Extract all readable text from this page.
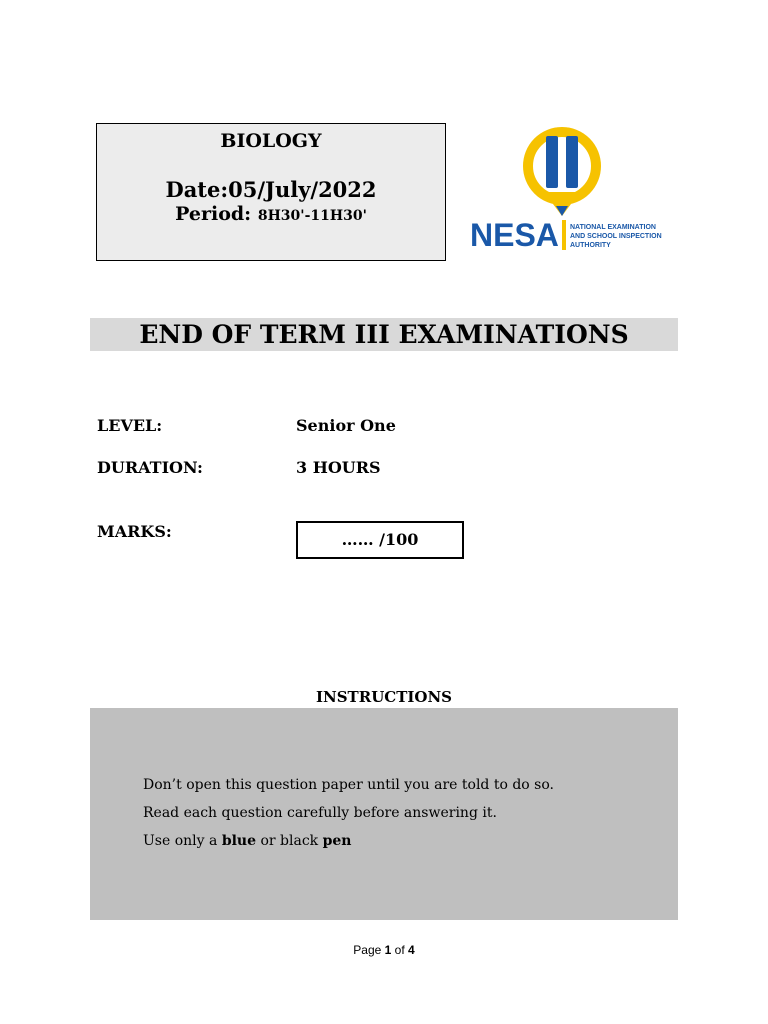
BIOLOGY
Date:05/July/2022
Period: 8H30'-11H30'
NESA NATIONAL EXAMINATION
AND SCHOOL INSPECTION
AUTHORITY
END OF TERM III EXAMINATIONS
LEVEL:	Senior One
DURATION:	3 HOURS
MARKS:	…… /100
INSTRUCTIONS
Don’t open this question paper until you are told to do so.
Read each question carefully before answering it.
Use only a blue or black pen
Page 1 of 4
